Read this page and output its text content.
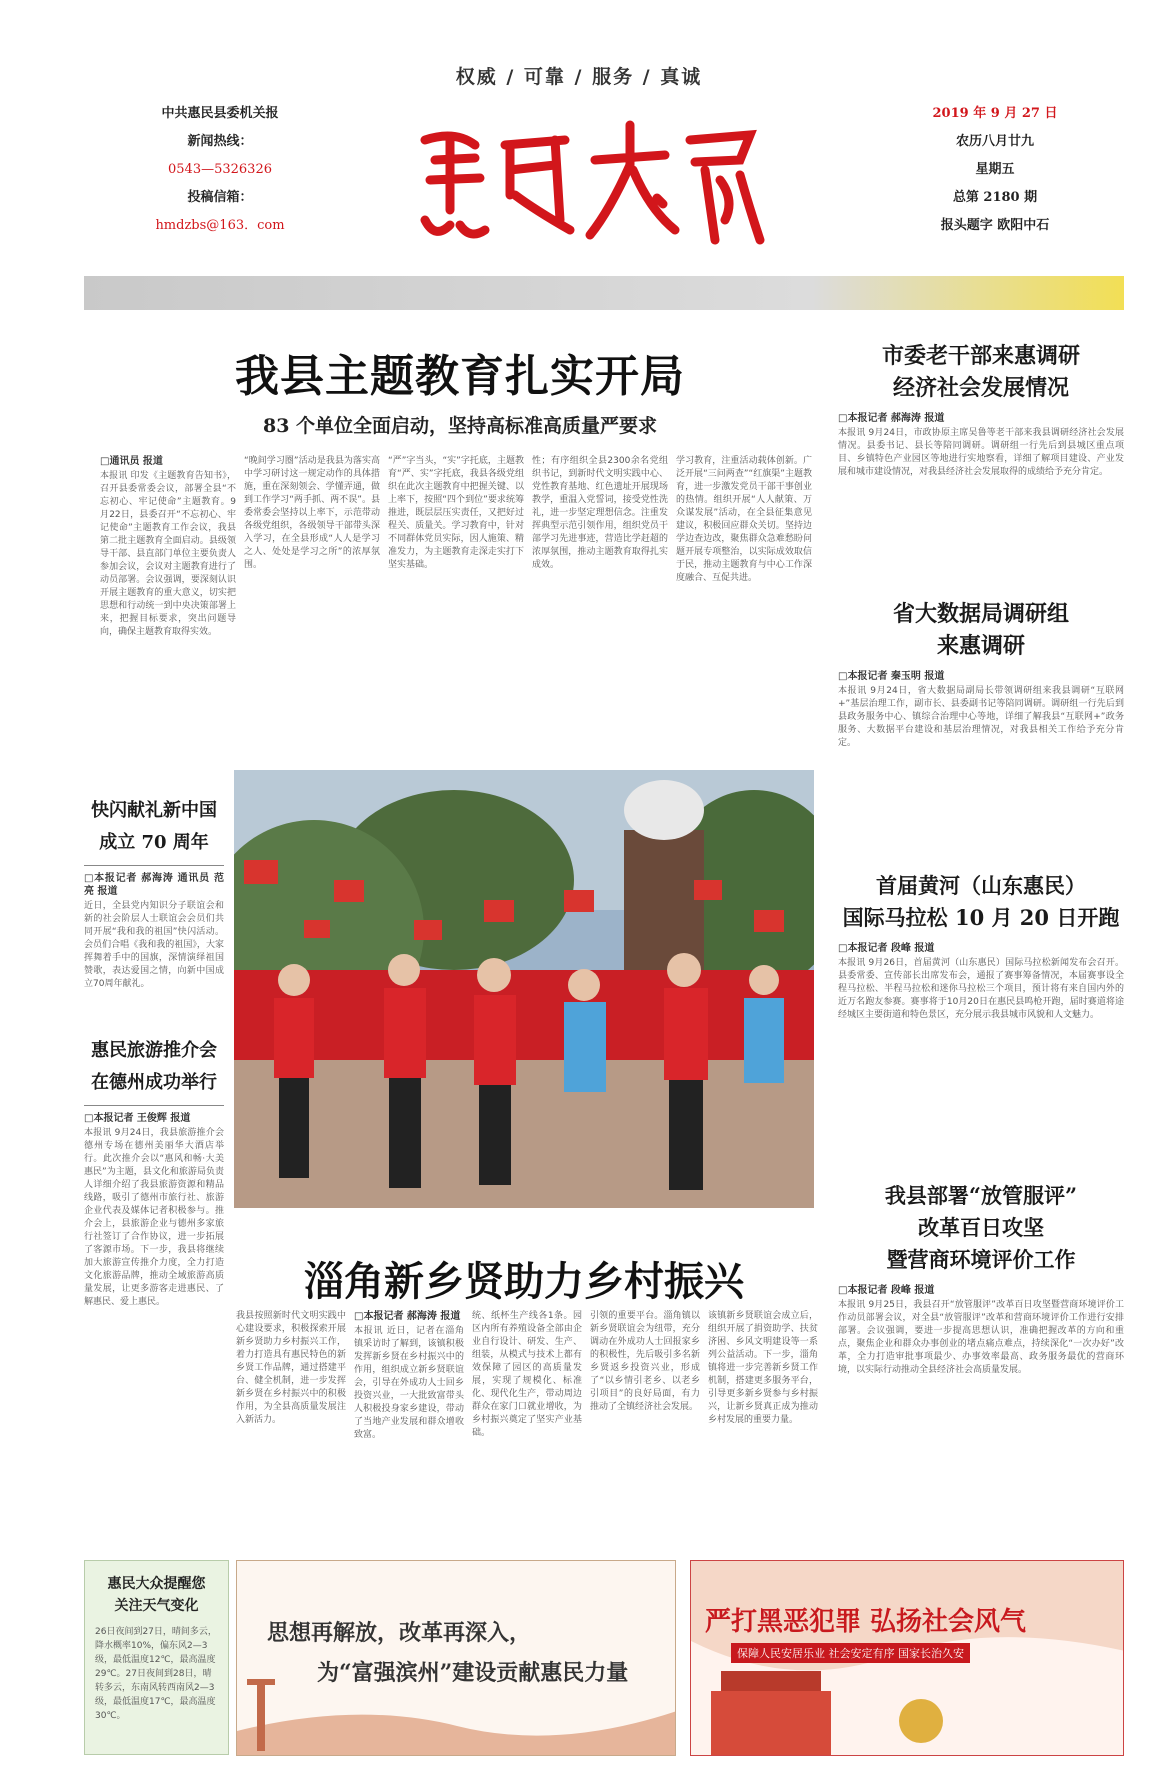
权威 / 可靠 / 服务 / 真诚
中共惠民县委机关报
新闻热线：
0543—5326326
投稿信箱：
hmdzbs@163．com
2019 年 9 月 27 日
农历八月廿九
星期五
总第 2180 期
报头题字 欧阳中石
我县主题教育扎实开局
83 个单位全面启动，坚持高标准高质量严要求
□通讯员 报道
本报讯 印发《主题教育告知书》，召开县委常委会议，部署全县“不忘初心、牢记使命”主题教育。9月22日，县委召开“不忘初心、牢记使命”主题教育工作会议，我县第二批主题教育全面启动。县级领导干部、县直部门单位主要负责人参加会议，会议对主题教育进行了动员部署。会议强调，要深刻认识开展主题教育的重大意义，切实把思想和行动统一到中央决策部署上来，把握目标要求，突出问题导向，确保主题教育取得实效。
“晚间学习圈”活动是我县为落实高中学习研讨这一规定动作的具体措施，重在深刻领会、学懂弄通，做到工作学习“两手抓、两不误”。县委常委会坚持以上率下，示范带动各级党组织，各级领导干部带头深入学习，在全县形成“人人是学习之人、处处是学习之所”的浓厚氛围。
“严”字当头，“实”字托底，主题教育“严、实”字托底，我县各级党组织在此次主题教育中把握关键、以上率下，按照“四个到位”要求统筹推进，既层层压实责任，又把好过程关、质量关。学习教育中，针对不同群体党员实际，因人施策、精准发力，为主题教育走深走实打下坚实基础。
性；有序组织全县2300余名党组织书记，到新时代文明实践中心、党性教育基地、红色遗址开展现场教学，重温入党誓词，接受党性洗礼，进一步坚定理想信念。注重发挥典型示范引领作用，组织党员干部学习先进事迹，营造比学赶超的浓厚氛围，推动主题教育取得扎实成效。
学习教育，注重活动载体创新。广泛开展“三问两查”“红旗渠”主题教育，进一步激发党员干部干事创业的热情。组织开展“人人献策、万众谋发展”活动，在全县征集意见建议，积极回应群众关切。坚持边学边查边改，聚焦群众急难愁盼问题开展专项整治，以实际成效取信于民，推动主题教育与中心工作深度融合、互促共进。
快闪献礼新中国
成立 70 周年
□本报记者 郝海涛 通讯员 范 亮 报道
近日，全县党内知识分子联谊会和新的社会阶层人士联谊会会员们共同开展“我和我的祖国”快闪活动。会员们合唱《我和我的祖国》，大家挥舞着手中的国旗，深情演绎祖国赞歌，表达爱国之情，向新中国成立70周年献礼。
惠民旅游推介会
在德州成功举行
□本报记者 王俊辉 报道
本报讯 9月24日，我县旅游推介会德州专场在德州美丽华大酒店举行。此次推介会以“惠风和畅·大美惠民”为主题，县文化和旅游局负责人详细介绍了我县旅游资源和精品线路，吸引了德州市旅行社、旅游企业代表及媒体记者积极参与。推介会上，县旅游企业与德州多家旅行社签订了合作协议，进一步拓展了客源市场。下一步，我县将继续加大旅游宣传推介力度，全力打造文化旅游品牌，推动全域旅游高质量发展，让更多游客走进惠民、了解惠民、爱上惠民。
市委老干部来惠调研
经济社会发展情况
□本报记者 郝海涛 报道
本报讯 9月24日，市政协原主席吴鲁等老干部来我县调研经济社会发展情况。县委书记、县长等陪同调研。调研组一行先后到县城区重点项目、乡镇特色产业园区等地进行实地察看，详细了解项目建设、产业发展和城市建设情况，对我县经济社会发展取得的成绩给予充分肯定。
省大数据局调研组
来惠调研
□本报记者 秦玉明 报道
本报讯 9月24日，省大数据局副局长带领调研组来我县调研“互联网+”基层治理工作，副市长、县委副书记等陪同调研。调研组一行先后到县政务服务中心、镇综合治理中心等地，详细了解我县“互联网+”政务服务、大数据平台建设和基层治理情况，对我县相关工作给予充分肯定。
首届黄河（山东惠民）
国际马拉松 10 月 20 日开跑
□本报记者 段峰 报道
本报讯 9月26日，首届黄河（山东惠民）国际马拉松新闻发布会召开。县委常委、宣传部长出席发布会，通报了赛事筹备情况，本届赛事设全程马拉松、半程马拉松和迷你马拉松三个项目，预计将有来自国内外的近万名跑友参赛。赛事将于10月20日在惠民县鸣枪开跑，届时赛道将途经城区主要街道和特色景区，充分展示我县城市风貌和人文魅力。
我县部署“放管服评”
改革百日攻坚
暨营商环境评价工作
□本报记者 段峰 报道
本报讯 9月25日，我县召开“放管服评”改革百日攻坚暨营商环境评价工作动员部署会议，对全县“放管服评”改革和营商环境评价工作进行安排部署。会议强调，要进一步提高思想认识，准确把握改革的方向和重点，聚焦企业和群众办事创业的堵点痛点难点，持续深化“一次办好”改革，全力打造审批事项最少、办事效率最高、政务服务最优的营商环境，以实际行动推动全县经济社会高质量发展。
淄角新乡贤助力乡村振兴
我县按照新时代文明实践中心建设要求，积极探索开展新乡贤助力乡村振兴工作，着力打造具有惠民特色的新乡贤工作品牌，通过搭建平台、健全机制，进一步发挥新乡贤在乡村振兴中的积极作用，为全县高质量发展注入新活力。
□本报记者 郝海涛 报道
本报讯 近日，记者在淄角镇采访时了解到，该镇积极发挥新乡贤在乡村振兴中的作用，组织成立新乡贤联谊会，引导在外成功人士回乡投资兴业，一大批致富带头人积极投身家乡建设，带动了当地产业发展和群众增收致富。
统、纸杯生产线各1条。园区内所有养殖设备全部由企业自行设计、研发、生产、组装，从模式与技术上都有效保障了园区的高质量发展，实现了规模化、标准化、现代化生产，带动周边群众在家门口就业增收，为乡村振兴奠定了坚实产业基础。
引领的重要平台。淄角镇以新乡贤联谊会为纽带，充分调动在外成功人士回报家乡的积极性，先后吸引多名新乡贤返乡投资兴业，形成了“以乡情引老乡、以老乡引项目”的良好局面，有力推动了全镇经济社会发展。
该镇新乡贤联谊会成立后，组织开展了捐资助学、扶贫济困、乡风文明建设等一系列公益活动。下一步，淄角镇将进一步完善新乡贤工作机制，搭建更多服务平台，引导更多新乡贤参与乡村振兴，让新乡贤真正成为推动乡村发展的重要力量。
惠民大众提醒您
关注天气变化
26日夜间到27日，晴间多云，降水概率10%，偏东风2—3级，最低温度12℃，最高温度29℃。27日夜间到28日，晴转多云，东南风转西南风2—3级，最低温度17℃，最高温度30℃。
思想再解放，改革再深入，
为“富强滨州”建设贡献惠民力量
严打黑恶犯罪 弘扬社会风气
保障人民安居乐业 社会安定有序 国家长治久安
